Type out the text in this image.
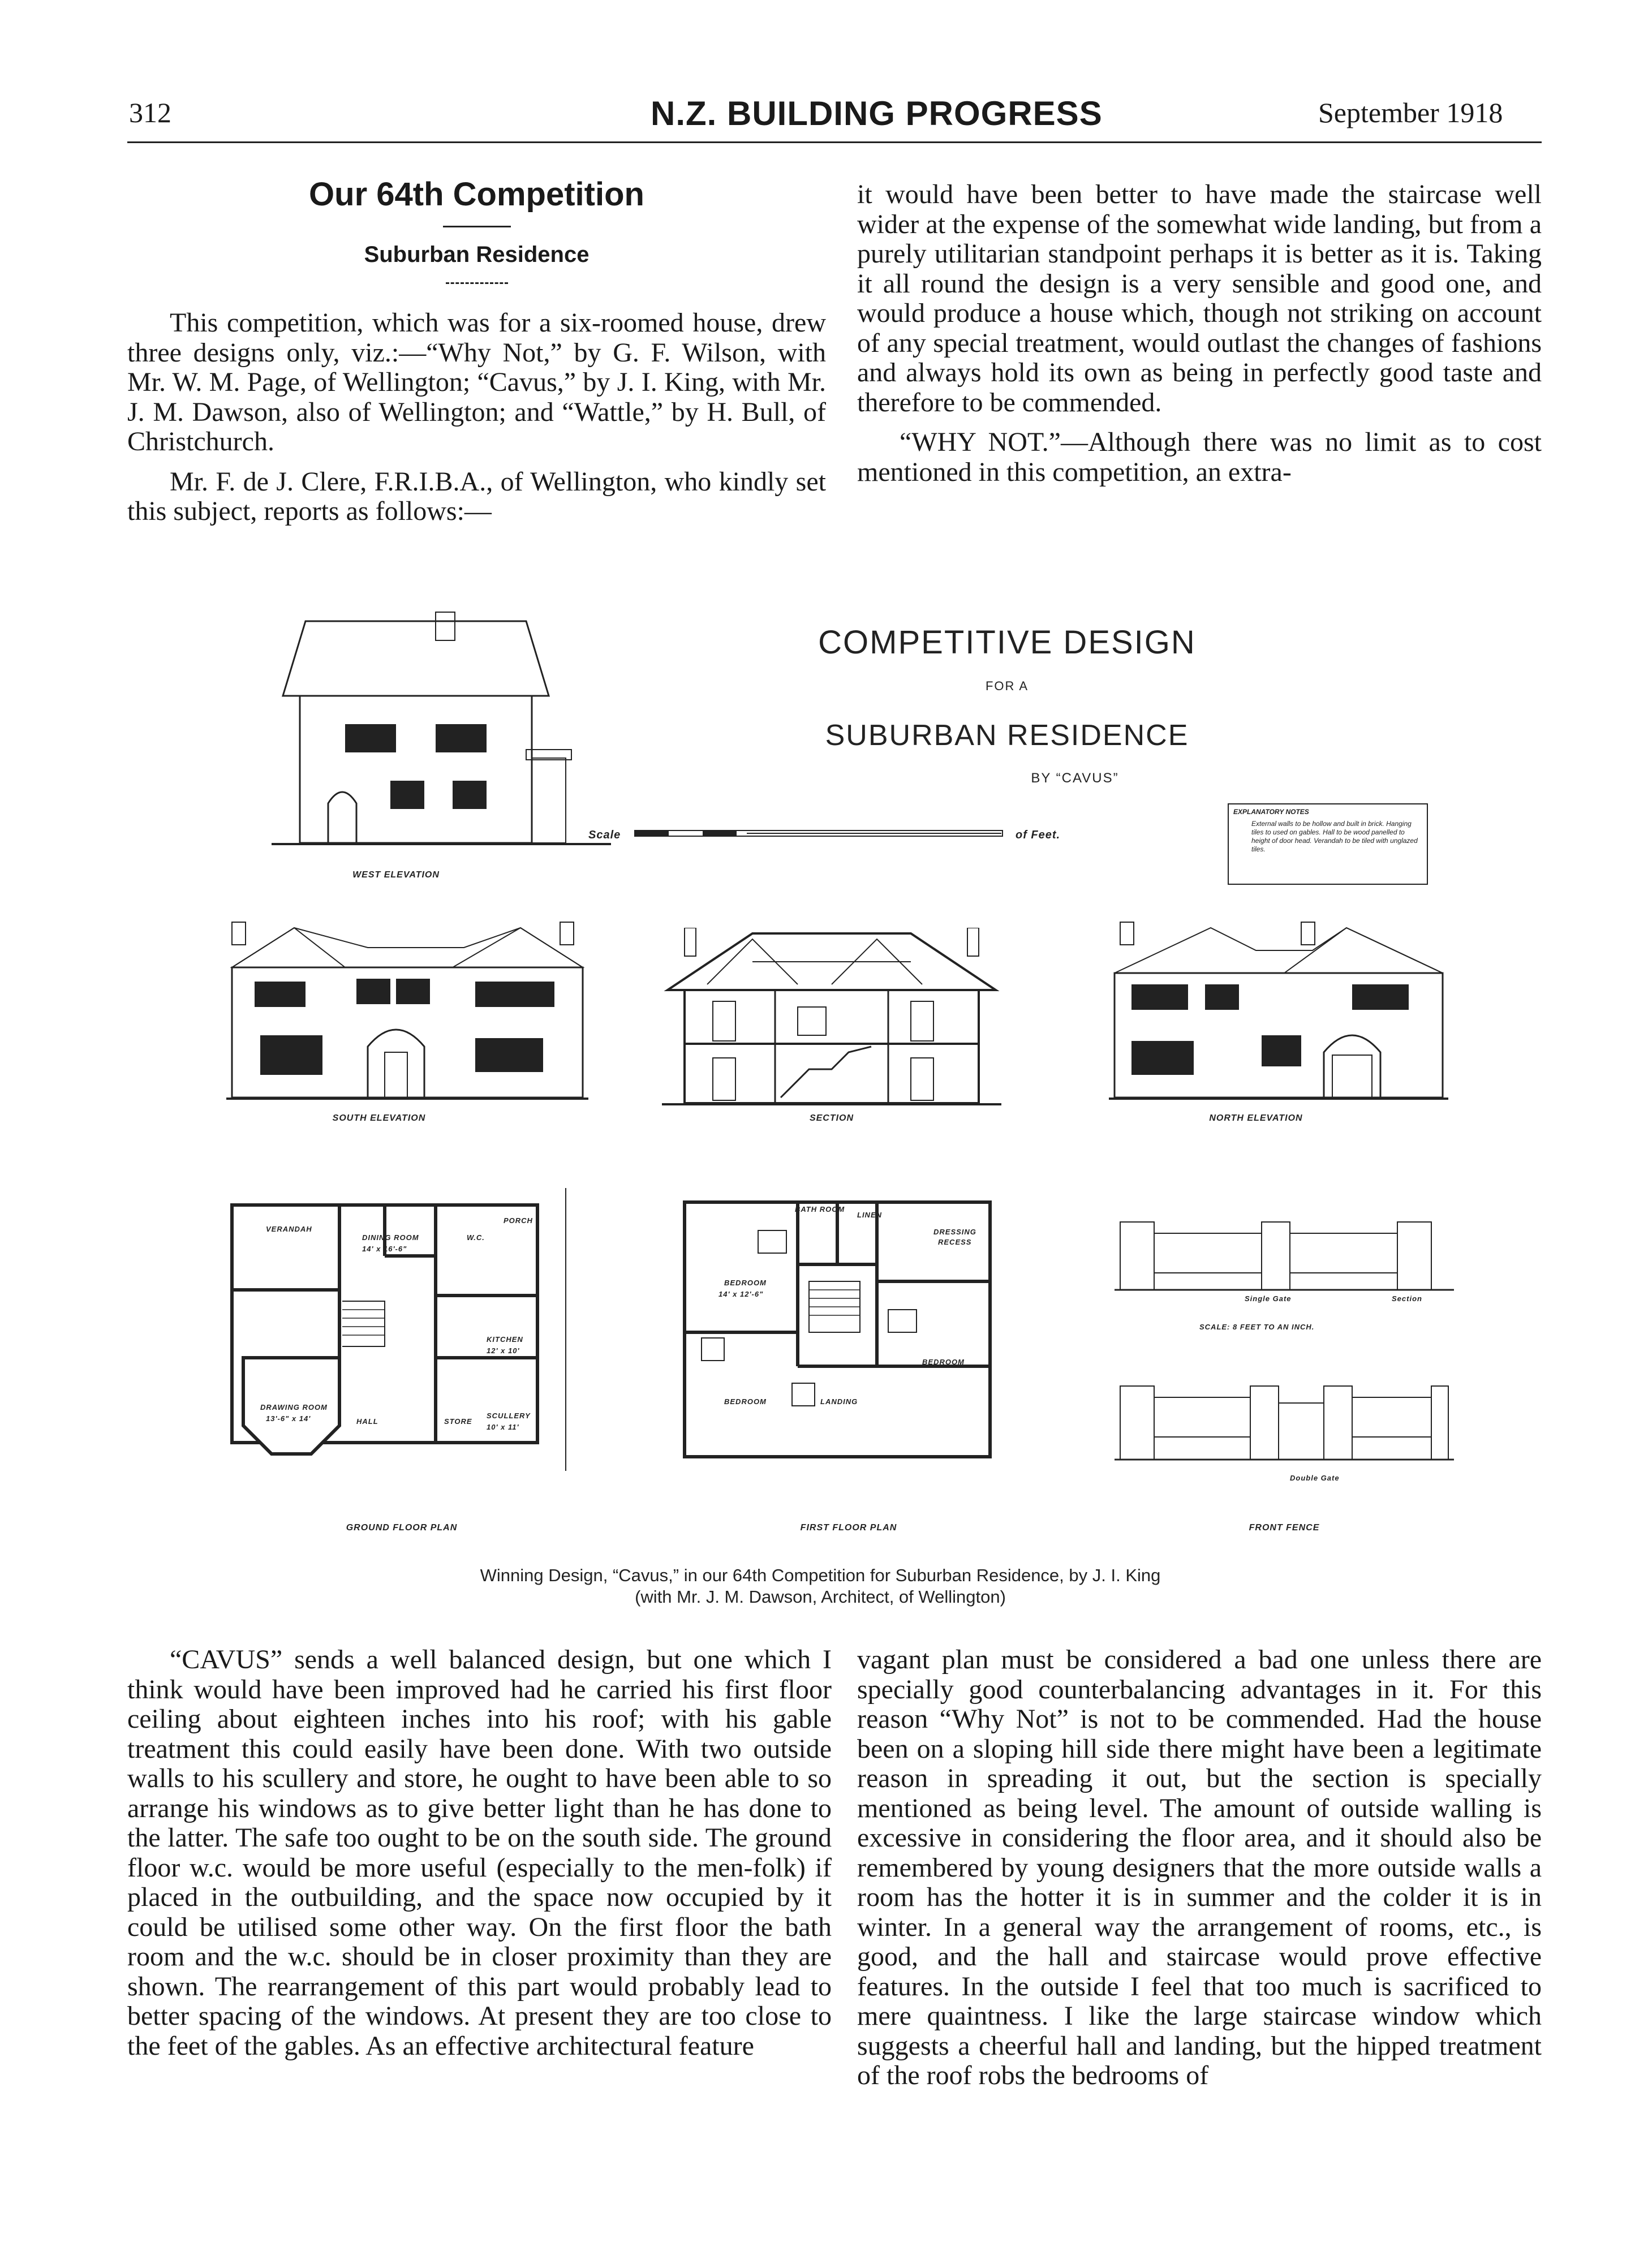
312	N.Z. BUILDING PROGRESS	September 1918
Our 64th Competition
Suburban Residence

This competition, which was for a six-roomed house, drew three designs only, viz.:—“Why Not,” by G. F. Wilson, with Mr. W. M. Page, of Wellington; “Cavus,” by J. I. King, with Mr. J. M. Dawson, also of Wellington; and “Wattle,” by H. Bull, of Christchurch.

Mr. F. de J. Clere, F.R.I.B.A., of Wellington, who kindly set this subject, reports as follows:—

it would have been better to have made the staircase well wider at the expense of the somewhat wide landing, but from a purely utilitarian standpoint perhaps it is better as it is. Taking it all round the design is a very sensible and good one, and would produce a house which, though not striking on account of any special treatment, would outlast the changes of fashions and always hold its own as being in perfectly good taste and therefore to be commended.

“WHY NOT.”—Although there was no limit as to cost mentioned in this competition, an extra-

COMPETITIVE DESIGN
FOR A
SUBURBAN RESIDENCE
BY “CAVUS”
Scale	of Feet.
EXPLANATORY NOTES
External walls to be hollow and built in brick. Hanging tiles to used on gables. Hall to be wood panelled to height of door head. Verandah to be tiled with unglazed tiles.
WEST ELEVATION
SOUTH ELEVATION	SECTION	NORTH ELEVATION
VERANDAH
DINING ROOM
14' x 16'-6"
W.C.
PORCH
KITCHEN
12' x 10'
DRAWING ROOM
13'-6" x 14'	HALL	STORE
SCULLERY
10' x 11'
GROUND FLOOR PLAN
BATH ROOM
LINEN
DRESSING
RECESS
BEDROOM
14' x 12'-6"
LANDING
BEDROOM
BEDROOM
FIRST FLOOR PLAN
Single Gate	Section
SCALE: 8 FEET TO AN INCH.
Double Gate
FRONT FENCE
Winning Design, “Cavus,” in our 64th Competition for Suburban Residence, by J. I. King
(with Mr. J. M. Dawson, Architect, of Wellington)

“CAVUS” sends a well balanced design, but one which I think would have been improved had he carried his first floor ceiling about eighteen inches into his roof; with his gable treatment this could easily have been done. With two outside walls to his scullery and store, he ought to have been able to so arrange his windows as to give better light than he has done to the latter. The safe too ought to be on the south side. The ground floor w.c. would be more useful (especially to the men-folk) if placed in the outbuilding, and the space now occupied by it could be utilised some other way. On the first floor the bath room and the w.c. should be in closer proximity than they are shown. The rearrangement of this part would probably lead to better spacing of the windows. At present they are too close to the feet of the gables. As an effective architectural feature

vagant plan must be considered a bad one unless there are specially good counterbalancing advantages in it. For this reason “Why Not” is not to be commended. Had the house been on a sloping hill side there might have been a legitimate reason in spreading it out, but the section is specially mentioned as being level. The amount of outside walling is excessive in considering the floor area, and it should also be remembered by young designers that the more outside walls a room has the hotter it is in summer and the colder it is in winter. In a general way the arrangement of rooms, etc., is good, and the hall and staircase would prove effective features. In the outside I feel that too much is sacrificed to mere quaintness. I like the large staircase window which suggests a cheerful hall and landing, but the hipped treatment of the roof robs the bedrooms of
